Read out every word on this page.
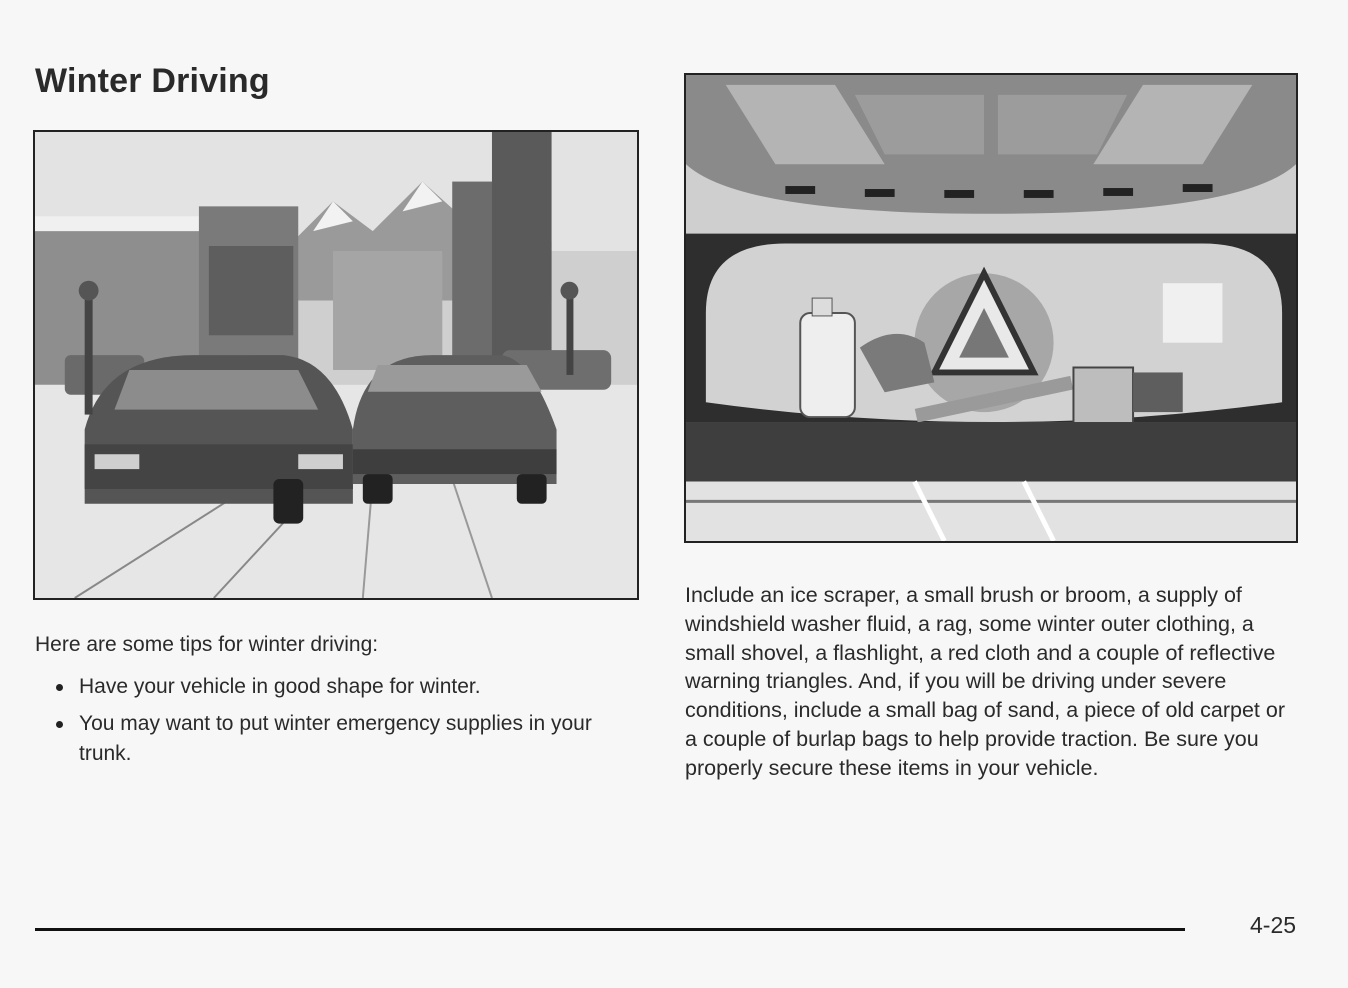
Winter Driving
Here are some tips for winter driving:
Have your vehicle in good shape for winter.
You may want to put winter emergency supplies in your trunk.

Include an ice scraper, a small brush or broom, a supply of windshield washer fluid, a rag, some winter outer clothing, a small shovel, a flashlight, a red cloth and a couple of reflective warning triangles. And, if you will be driving under severe conditions, include a small bag of sand, a piece of old carpet or a couple of burlap bags to help provide traction. Be sure you properly secure these items in your vehicle.

4-25
